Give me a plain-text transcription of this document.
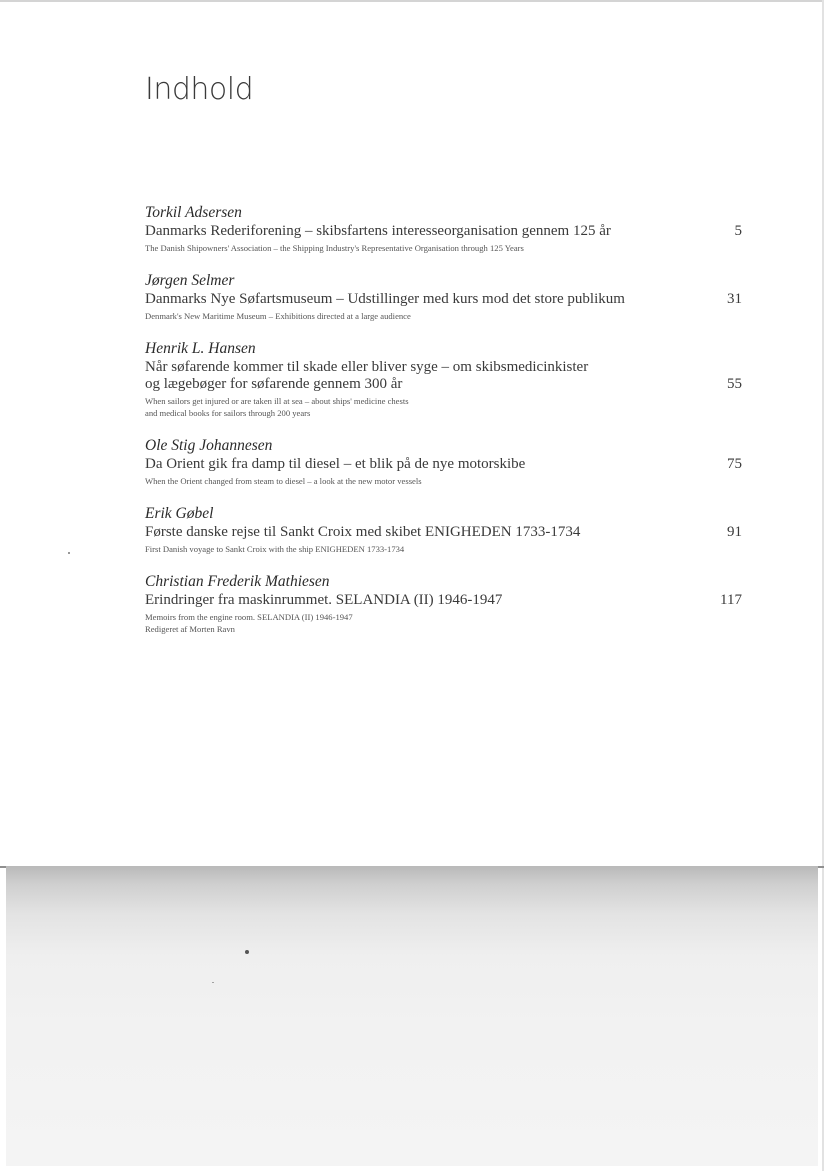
Indhold
Torkil Adsersen
Danmarks Rederiforening – skibsfartens interesseorganisation gennem 125 år	5
The Danish Shipowners' Association – the Shipping Industry's Representative Organisation through 125 Years
Jørgen Selmer
Danmarks Nye Søfartsmuseum – Udstillinger med kurs mod det store publikum	31
Denmark's New Maritime Museum – Exhibitions directed at a large audience
Henrik L. Hansen
Når søfarende kommer til skade eller bliver syge – om skibsmedicinkister
og lægebøger for søfarende gennem 300 år	55
When sailors get injured or are taken ill at sea – about ships' medicine chests
and medical books for sailors through 200 years
Ole Stig Johannesen
Da Orient gik fra damp til diesel – et blik på de nye motorskibe	75
When the Orient changed from steam to diesel – a look at the new motor vessels
Erik Gøbel
Første danske rejse til Sankt Croix med skibet ENIGHEDEN 1733-1734	91
First Danish voyage to Sankt Croix with the ship ENIGHEDEN 1733-1734
Christian Frederik Mathiesen
Erindringer fra maskinrummet. SELANDIA (II) 1946-1947	117
Memoirs from the engine room. SELANDIA (II) 1946-1947
Redigeret af Morten Ravn
